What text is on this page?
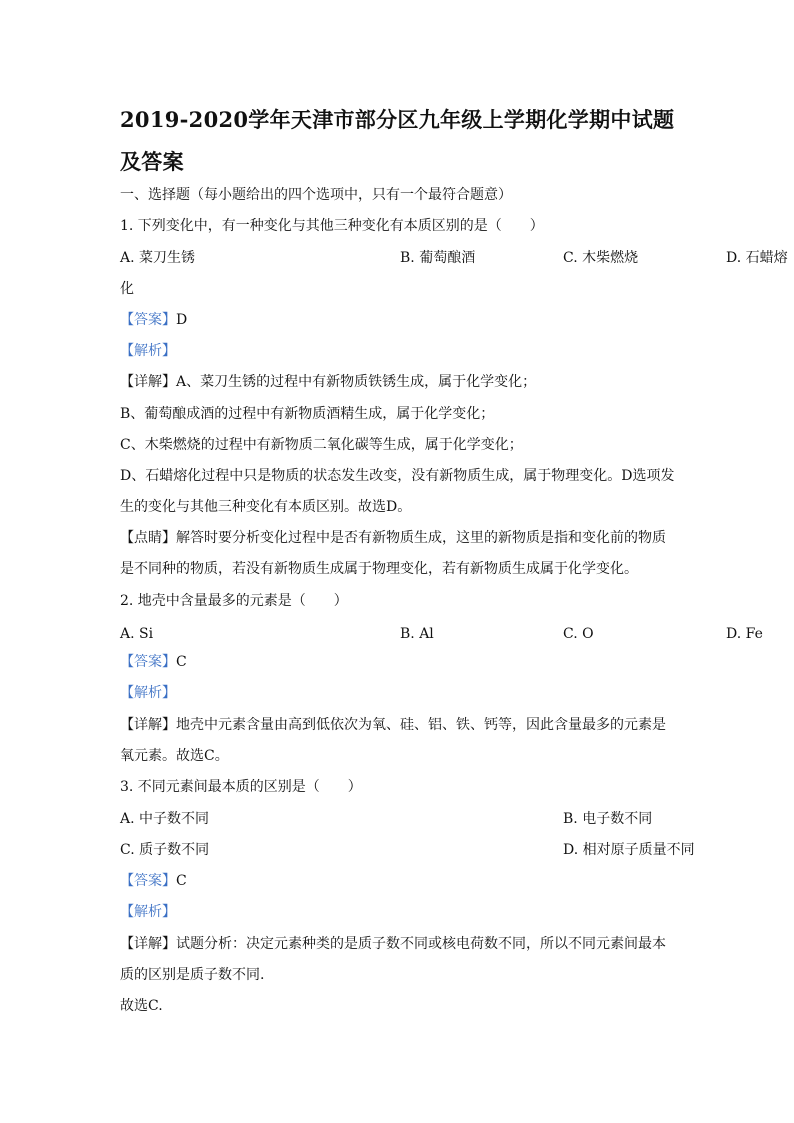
2019-2020学年天津市部分区九年级上学期化学期中试题及答案
一、选择题（每小题给出的四个选项中，只有一个最符合题意）
1. 下列变化中，有一种变化与其他三种变化有本质区别的是（　　）
A. 菜刀生锈	B. 葡萄酿酒	C. 木柴燃烧	D. 石蜡熔
化
【答案】D
【解析】
【详解】A、菜刀生锈的过程中有新物质铁锈生成，属于化学变化；
B、葡萄酿成酒的过程中有新物质酒精生成，属于化学变化；
C、木柴燃烧的过程中有新物质二氧化碳等生成，属于化学变化；
D、石蜡熔化过程中只是物质的状态发生改变，没有新物质生成，属于物理变化。D选项发
生的变化与其他三种变化有本质区别。故选D。
【点睛】解答时要分析变化过程中是否有新物质生成，这里的新物质是指和变化前的物质
是不同种的物质，若没有新物质生成属于物理变化，若有新物质生成属于化学变化。
2. 地壳中含量最多的元素是（　　）
A. Si	B. Al	C. O	D. Fe
【答案】C
【解析】
【详解】地壳中元素含量由高到低依次为氧、硅、铝、铁、钙等，因此含量最多的元素是
氧元素。故选C。
3. 不同元素间最本质的区别是（　　）
A. 中子数不同	B. 电子数不同
C. 质子数不同	D. 相对原子质量不同
【答案】C
【解析】
【详解】试题分析：决定元素种类的是质子数不同或核电荷数不同，所以不同元素间最本
质的区别是质子数不同.
故选C.
